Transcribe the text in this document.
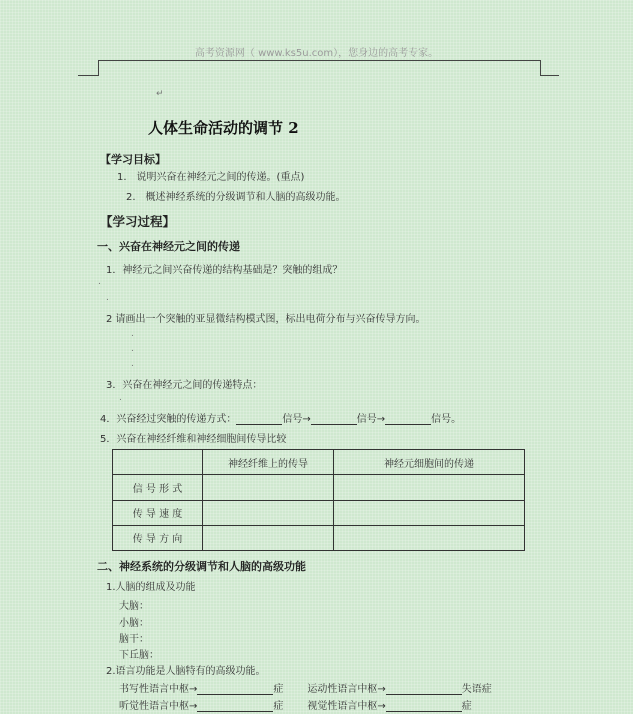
高考资源网（ www.ks5u.com），您身边的高考专家。
↵
人体生命活动的调节 2
【学习目标】
1.　说明兴奋在神经元之间的传递。(重点)
2.　概述神经系统的分级调节和人脑的高级功能。
【学习过程】
一、兴奋在神经元之间的传递
1．神经元之间兴奋传递的结构基础是？突触的组成？
.
.
2 请画出一个突触的亚显微结构模式图，标出电荷分布与兴奋传导方向。
.
.
.
3．兴奋在神经元之间的传递特点：
.
4．兴奋经过突触的传递方式：	信号→	信号→	信号。
5．兴奋在神经纤维和神经细胞间传导比较
	神经纤维上的传导	神经元细胞间的传递
信 号 形 式		
传 导 速 度		
传 导 方 向		
二、神经系统的分级调节和人脑的高级功能
1.人脑的组成及功能
大脑：
小脑：
脑干：
下丘脑：
2.语言功能是人脑特有的高级功能。
书写性语言中枢→	症 运动性语言中枢→	失语症
听觉性语言中枢→	症 视觉性语言中枢→	症
